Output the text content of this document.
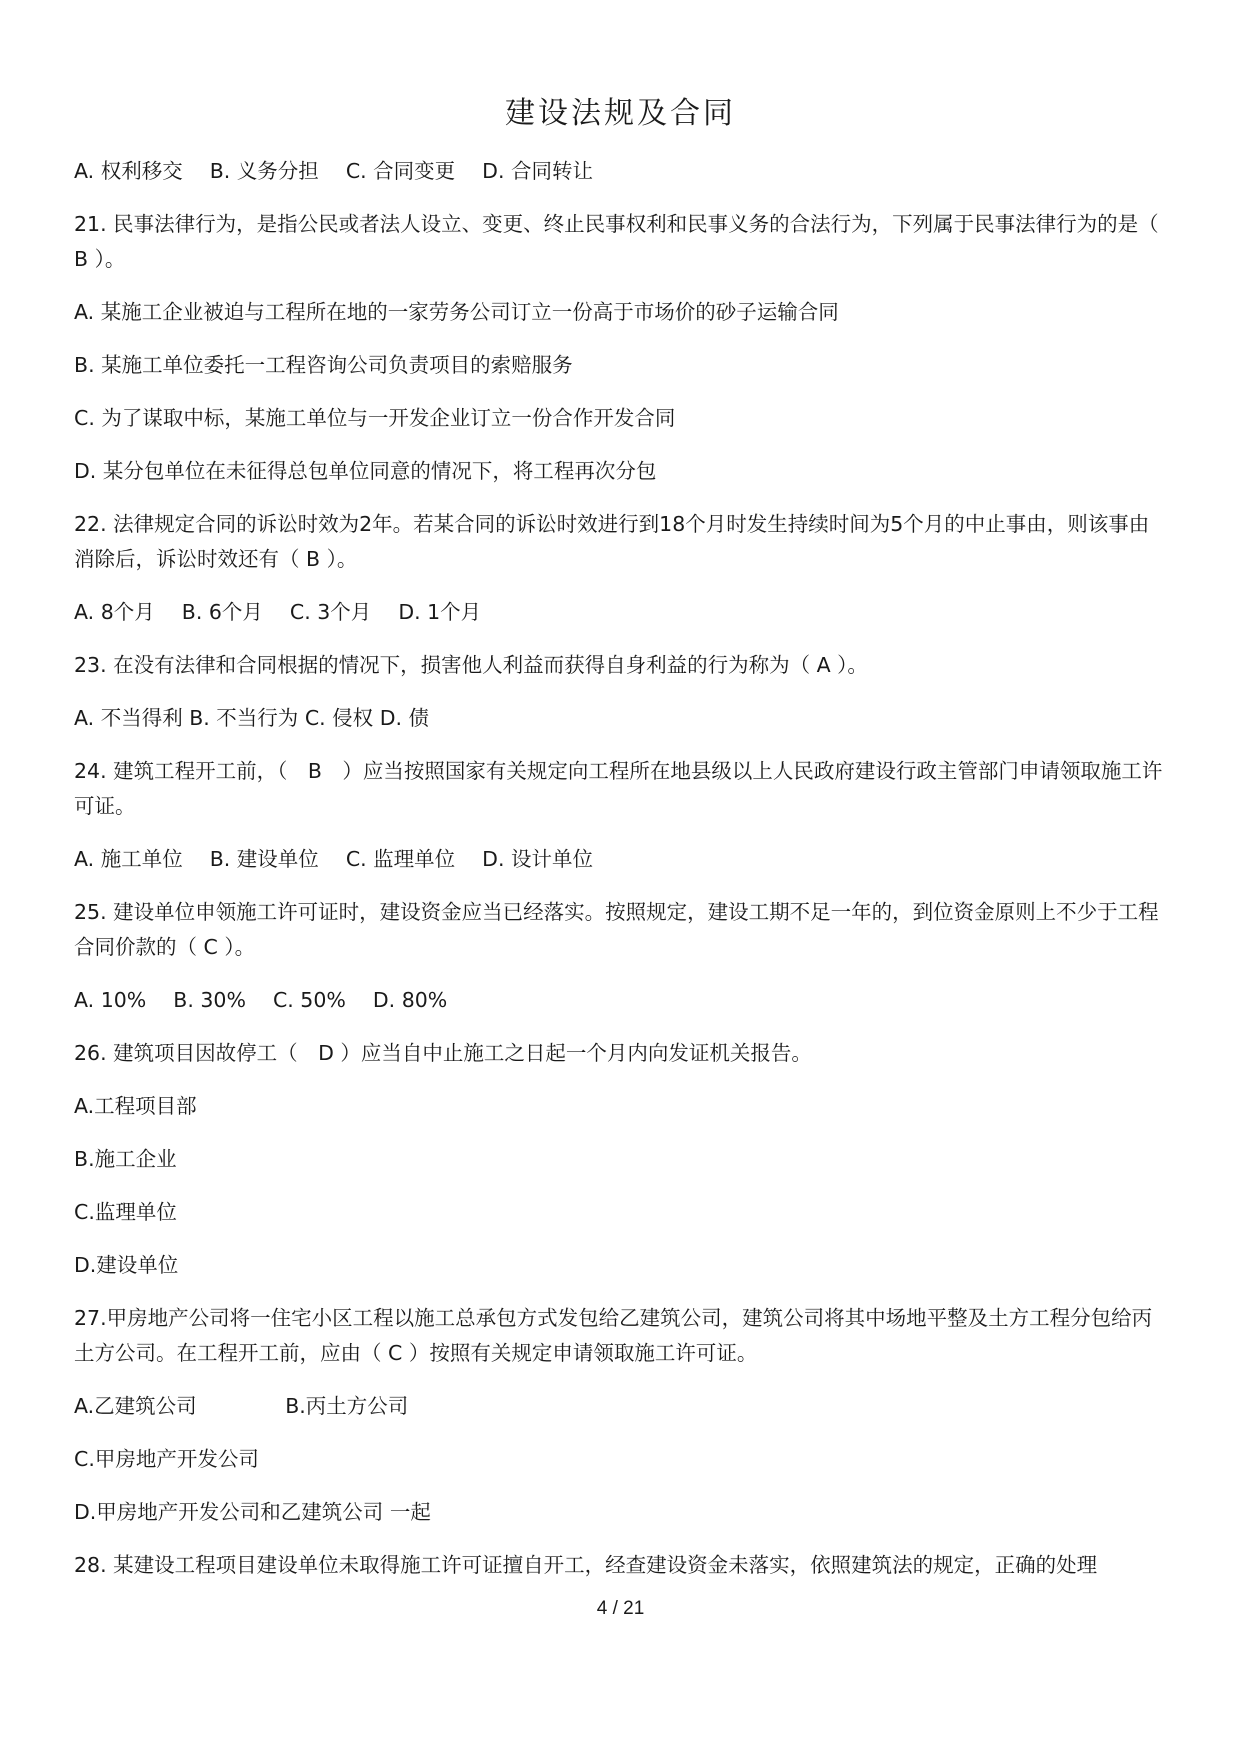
建设法规及合同

A. 权利移交　 B. 义务分担　 C. 合同变更　 D. 合同转让

21. 民事法律行为，是指公民或者法人设立、变更、终止民事权利和民事义务的合法行为，下列属于民事法律行为的是（ B ）。

A. 某施工企业被迫与工程所在地的一家劳务公司订立一份高于市场价的砂子运输合同

B. 某施工单位委托一工程咨询公司负责项目的索赔服务

C. 为了谋取中标，某施工单位与一开发企业订立一份合作开发合同

D. 某分包单位在未征得总包单位同意的情况下，将工程再次分包

22. 法律规定合同的诉讼时效为2年。若某合同的诉讼时效进行到18个月时发生持续时间为5个月的中止事由，则该事由消除后，诉讼时效还有（ B ）。

A. 8个月　 B. 6个月　 C. 3个月　 D. 1个月

23. 在没有法律和合同根据的情况下，损害他人利益而获得自身利益的行为称为（ A ）。

A. 不当得利 B. 不当行为 C. 侵权 D. 债

24. 建筑工程开工前，（　B　）应当按照国家有关规定向工程所在地县级以上人民政府建设行政主管部门申请领取施工许可证。

A. 施工单位　 B. 建设单位　 C. 监理单位　 D. 设计单位

25. 建设单位申领施工许可证时，建设资金应当已经落实。按照规定，建设工期不足一年的，到位资金原则上不少于工程合同价款的（ C ）。

A. 10%　 B. 30%　 C. 50%　 D. 80%

26. 建筑项目因故停工（　D ）应当自中止施工之日起一个月内向发证机关报告。

A.工程项目部

B.施工企业

C.监理单位

D.建设单位

27.甲房地产公司将一住宅小区工程以施工总承包方式发包给乙建筑公司，建筑公司将其中场地平整及土方工程分包给丙土方公司。在工程开工前，应由（ C ）按照有关规定申请领取施工许可证。

A.乙建筑公司　　　　 B.丙土方公司

C.甲房地产开发公司

D.甲房地产开发公司和乙建筑公司 一起

28. 某建设工程项目建设单位未取得施工许可证擅自开工，经查建设资金未落实，依照建筑法的规定，正确的处理

4 / 21
